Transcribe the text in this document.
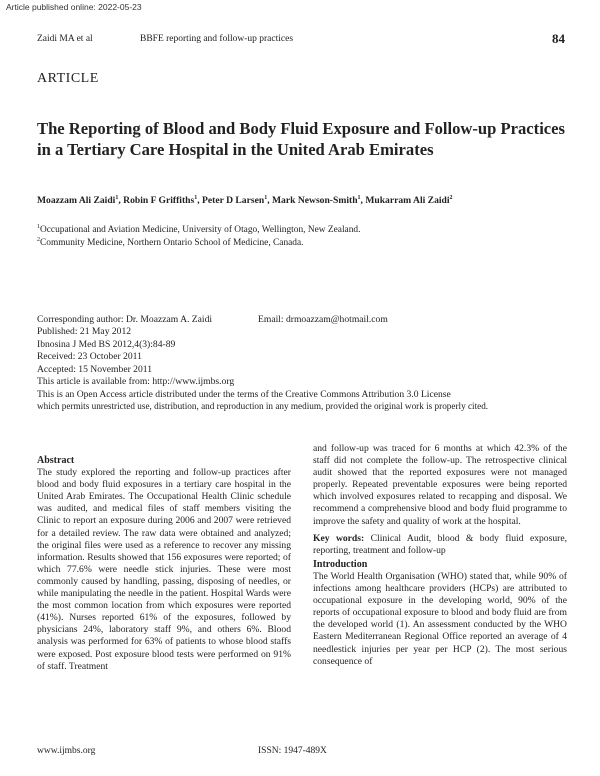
Article published online: 2022-05-23
Zaidi MA et al	BBFE reporting and follow-up practices	84
ARTICLE
The Reporting of Blood and Body Fluid Exposure and Follow-up Practices in a Tertiary Care Hospital in the United Arab Emirates
Moazzam Ali Zaidi$^1$, Robin F Griffiths$^1$, Peter D Larsen$^1$, Mark Newson-Smith$^1$, Mukarram Ali Zaidi$^2$
$^1$Occupational and Aviation Medicine, University of Otago, Wellington, New Zealand.
$^2$Community Medicine, Northern Ontario School of Medicine, Canada.
Corresponding author: Dr. Moazzam A. Zaidi	Email: drmoazzam@hotmail.com
Published: 21 May 2012
Ibnosina J Med BS 2012,4(3):84-89
Received: 23 October 2011
Accepted: 15 November 2011
This article is available from: http://www.ijmbs.org
This is an Open Access article distributed under the terms of the Creative Commons Attribution 3.0 License
which permits unrestricted use, distribution, and reproduction in any medium, provided the original work is properly cited.
Abstract
The study explored the reporting and follow-up practices after blood and body fluid exposures in a tertiary care hospital in the United Arab Emirates. The Occupational Health Clinic schedule was audited, and medical files of staff members visiting the Clinic to report an exposure during 2006 and 2007 were retrieved for a detailed review. The raw data were obtained and analyzed; the original files were used as a reference to recover any missing information. Results showed that 156 exposures were reported; of which 77.6% were needle stick injuries. These were most commonly caused by handling, passing, disposing of needles, or while manipulating the needle in the patient. Hospital Wards were the most common location from which exposures were reported (41%). Nurses reported 61% of the exposures, followed by physicians 24%, laboratory staff 9%, and others 6%. Blood analysis was performed for 63% of patients to whose blood staffs were exposed. Post exposure blood tests were performed on 91% of staff. Treatment
and follow-up was traced for 6 months at which 42.3% of the staff did not complete the follow-up. The retrospective clinical audit showed that the reported exposures were not managed properly. Repeated preventable exposures were being reported which involved exposures related to recapping and disposal. We recommend a comprehensive blood and body fluid programme to improve the safety and quality of work at the hospital.
Key words: Clinical Audit, blood & body fluid exposure, reporting, treatment and follow-up
Introduction
The World Health Organisation (WHO) stated that, while 90% of infections among healthcare providers (HCPs) are attributed to occupational exposure in the developing world, 90% of the reports of occupational exposure to blood and body fluid are from the developed world (1). An assessment conducted by the WHO Eastern Mediterranean Regional Office reported an average of 4 needlestick injuries per year per HCP (2). The most serious consequence of
www.ijmbs.org	ISSN: 1947-489X
